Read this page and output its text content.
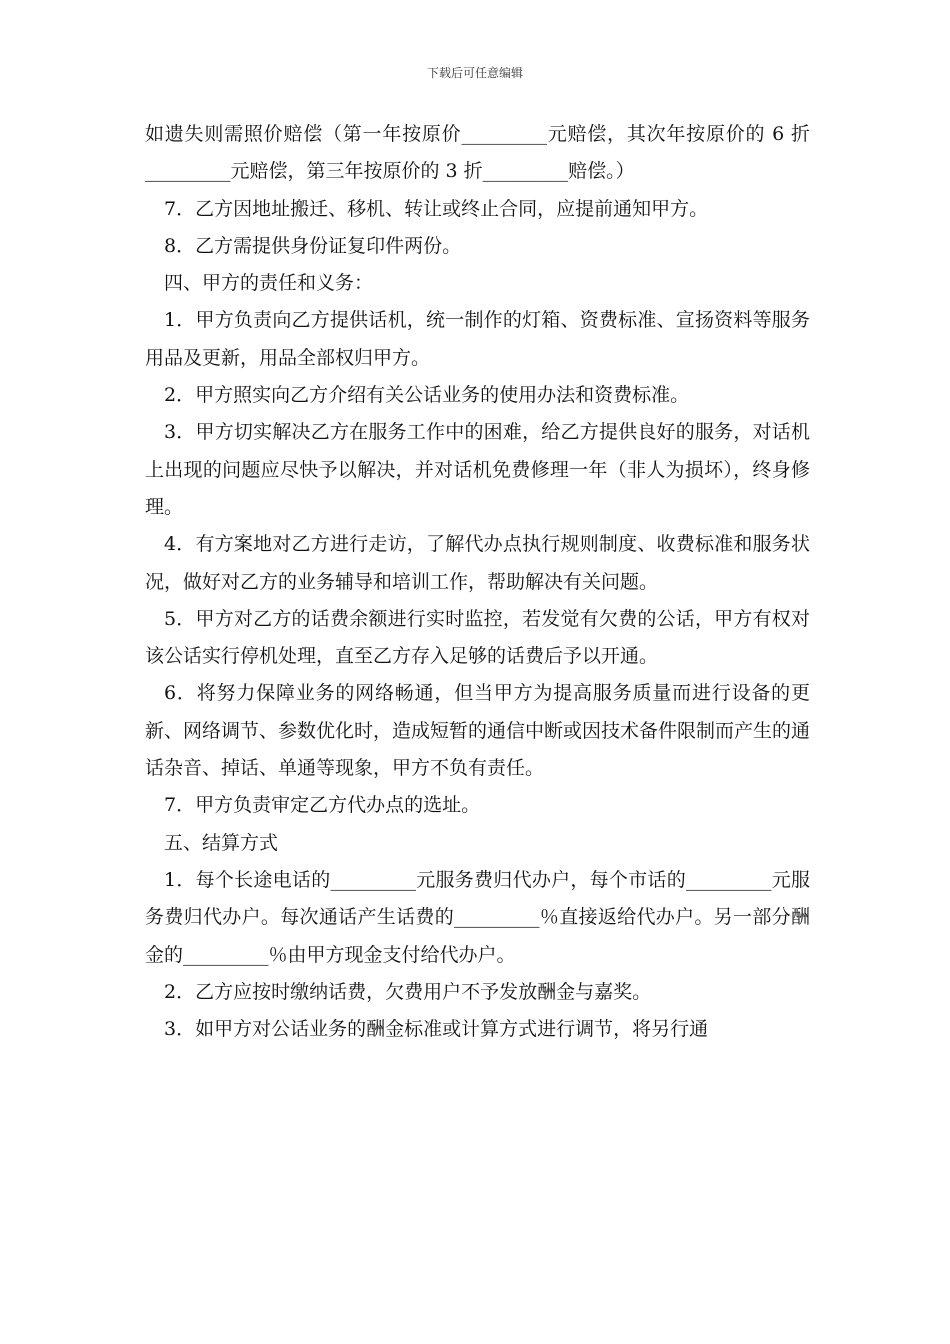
下载后可任意编辑

如遗失则需照价赔偿（第一年按原价_________元赔偿，其次年按原价的 6 折_________元赔偿，第三年按原价的 3 折_________赔偿。）

7．乙方因地址搬迁、移机、转让或终止合同，应提前通知甲方。

8．乙方需提供身份证复印件两份。

四、甲方的责任和义务：

1．甲方负责向乙方提供话机，统一制作的灯箱、资费标准、宣扬资料等服务用品及更新，用品全部权归甲方。

2．甲方照实向乙方介绍有关公话业务的使用办法和资费标准。

3．甲方切实解决乙方在服务工作中的困难，给乙方提供良好的服务，对话机上出现的问题应尽快予以解决，并对话机免费修理一年（非人为损坏），终身修理。

4．有方案地对乙方进行走访，了解代办点执行规则制度、收费标准和服务状况，做好对乙方的业务辅导和培训工作，帮助解决有关问题。

5．甲方对乙方的话费余额进行实时监控，若发觉有欠费的公话，甲方有权对该公话实行停机处理，直至乙方存入足够的话费后予以开通。

6．将努力保障业务的网络畅通，但当甲方为提高服务质量而进行设备的更新、网络调节、参数优化时，造成短暂的通信中断或因技术备件限制而产生的通话杂音、掉话、单通等现象，甲方不负有责任。

7．甲方负责审定乙方代办点的选址。

五、结算方式

1．每个长途电话的_________元服务费归代办户，每个市话的_________元服务费归代办户。每次通话产生话费的_________％直接返给代办户。另一部分酬金的_________％由甲方现金支付给代办户。

2．乙方应按时缴纳话费，欠费用户不予发放酬金与嘉奖。

3．如甲方对公话业务的酬金标准或计算方式进行调节，将另行通
